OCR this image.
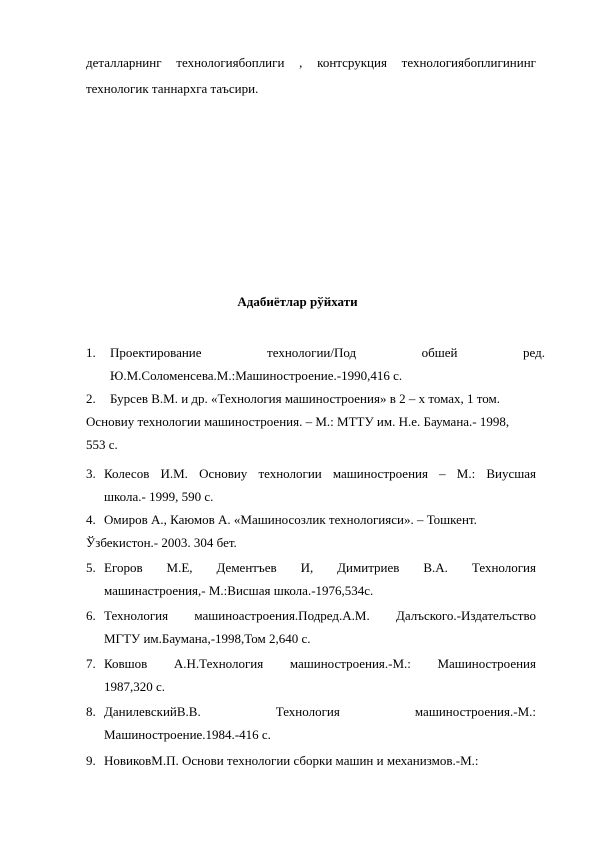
деталларнинг технологиябоплиги , контсрукция технологиябоплигининг
технологик таннархга таъсири.
Адабиётлар рўйхати
1. Проектирование технологии/Под обшей ред.
Ю.М.Соломенсева.М.:Машиностроение.-1990,416 с.
2. Бурсев В.М. и др. «Технология машиностроения» в 2 – х томах, 1 том.
Основиу технологии машиностроения. – М.: МТТУ им. Н.е. Баумана.- 1998,
553 с.
3. Колесов И.М. Основиу технологии машиностроения – М.: Виусшая
школа.- 1999, 590 с.
4. Омиров А., Каюмов А. «Машиносозлик технологияси». – Тошкент.
Ўзбекистон.- 2003. 304 бет.
5. Егоров М.Е, Дементъев И, Димитриев В.А. Технология
машинастроения,- М.:Висшая школа.-1976,534с.
6. Технология машиноастроения.Подред.А.М. Далъского.-Издателъство
МГТУ им.Баумана,-1998,Том 2,640 с.
7. Ковшов А.Н.Технология машиностроения.-М.: Машиностроения
1987,320 с.
8. ДанилевскийВ.В. Технология машиностроения.-М.:
Машиностроение.1984.-416 с.
9. НовиковМ.П. Основи технологии сборки машин и механизмов.-М.:
